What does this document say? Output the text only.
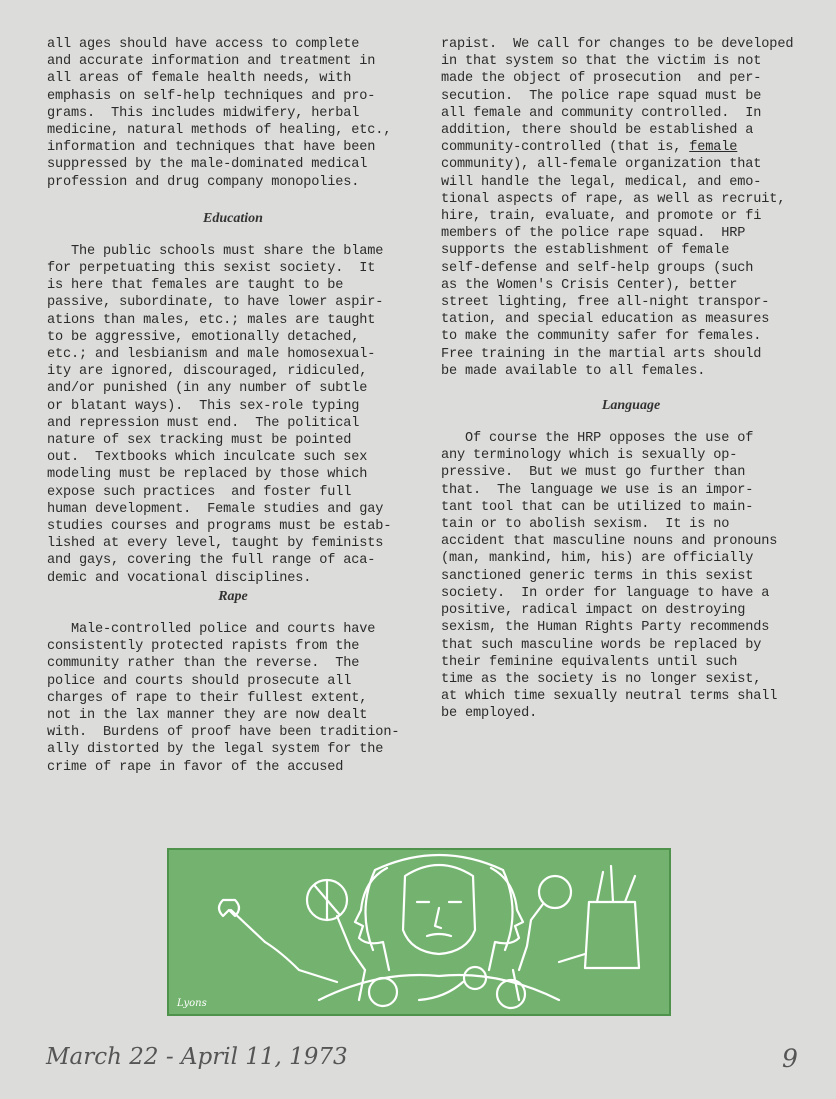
all ages should have access to complete
and accurate information and treatment in
all areas of female health needs, with
emphasis on self-help techniques and pro-
grams.  This includes midwifery, herbal
medicine, natural methods of healing, etc.,
information and techniques that have been
suppressed by the male-dominated medical
profession and drug company monopolies.

Education

The public schools must share the blame
for perpetuating this sexist society.  It
is here that females are taught to be
passive, subordinate, to have lower aspir-
ations than males, etc.; males are taught
to be aggressive, emotionally detached,
etc.; and lesbianism and male homosexual-
ity are ignored, discouraged, ridiculed,
and/or punished (in any number of subtle
or blatant ways).  This sex-role typing
and repression must end.  The political
nature of sex tracking must be pointed
out.  Textbooks which inculcate such sex
modeling must be replaced by those which
expose such practices  and foster full
human development.  Female studies and gay
studies courses and programs must be estab-
lished at every level, taught by feminists
and gays, covering the full range of aca-
demic and vocational disciplines.

Rape

Male-controlled police and courts have
consistently protected rapists from the
community rather than the reverse.  The
police and courts should prosecute all
charges of rape to their fullest extent,
not in the lax manner they are now dealt
with.  Burdens of proof have been tradition-
ally distorted by the legal system for the
crime of rape in favor of the accused

rapist.  We call for changes to be developed
in that system so that the victim is not
made the object of prosecution  and per-
secution.  The police rape squad must be
all female and community controlled.  In
addition, there should be established a
community-controlled (that is, female
community), all-female organization that
will handle the legal, medical, and emo-
tional aspects of rape, as well as recruit,
hire, train, evaluate, and promote or fi
members of the police rape squad.  HRP
supports the establishment of female
self-defense and self-help groups (such
as the Women's Crisis Center), better
street lighting, free all-night transpor-
tation, and special education as measures
to make the community safer for females.
Free training in the martial arts should
be made available to all females.

Language

Of course the HRP opposes the use of
any terminology which is sexually op-
pressive.  But we must go further than
that.  The language we use is an impor-
tant tool that can be utilized to main-
tain or to abolish sexism.  It is no
accident that masculine nouns and pronouns
(man, mankind, him, his) are officially
sanctioned generic terms in this sexist
society.  In order for language to have a
positive, radical impact on destroying
sexism, the Human Rights Party recommends
that such masculine words be replaced by
their feminine equivalents until such
time as the society is no longer sexist,
at which time sexually neutral terms shall
be employed.

Lyons
March 22 - April 11, 1973	9
